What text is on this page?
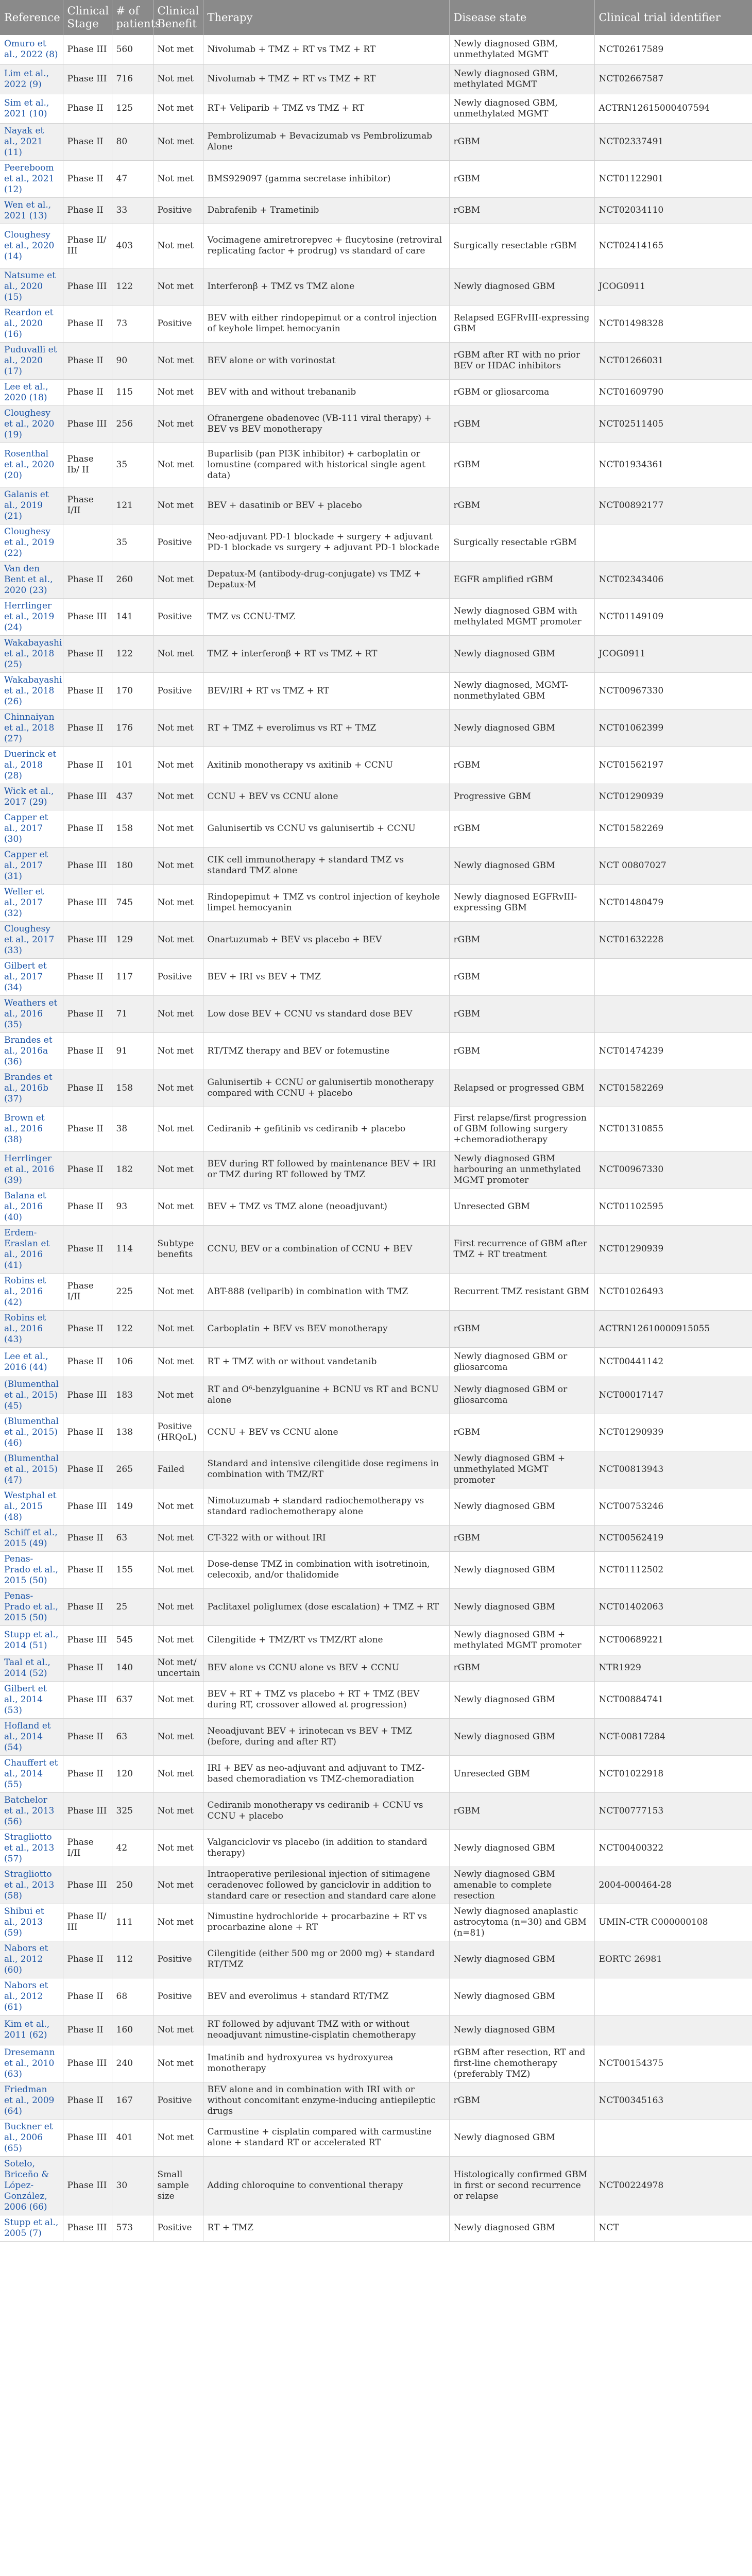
Reference	Clinical Stage	# of patients	Clinical Benefit	Therapy	Disease state	Clinical trial identifier
Omuro et al., 2022 (8)	Phase III	560	Not met	Nivolumab + TMZ + RT vs TMZ + RT	Newly diagnosed GBM, unmethylated MGMT	NCT02617589
Lim et al., 2022 (9)	Phase III	716	Not met	Nivolumab + TMZ + RT vs TMZ + RT	Newly diagnosed GBM, methylated MGMT	NCT02667587
Sim et al., 2021 (10)	Phase II	125	Not met	RT+ Veliparib + TMZ vs TMZ + RT	Newly diagnosed GBM, unmethylated MGMT	ACTRN12615000407594
Nayak et al., 2021 (11)	Phase II	80	Not met	Pembrolizumab + Bevacizumab vs Pembrolizumab Alone	rGBM	NCT02337491
Peereboom et al., 2021 (12)	Phase II	47	Not met	BMS929097 (gamma secretase inhibitor)	rGBM	NCT01122901
Wen et al., 2021 (13)	Phase II	33	Positive	Dabrafenib + Trametinib	rGBM	NCT02034110
Cloughesy et al., 2020 (14)	Phase II/ III	403	Not met	Vocimagene amiretrorepvec + flucytosine (retroviral replicating factor + prodrug) vs standard of care	Surgically resectable rGBM	NCT02414165
Natsume et al., 2020 (15)	Phase III	122	Not met	Interferonβ + TMZ vs TMZ alone	Newly diagnosed GBM	JCOG0911
Reardon et al., 2020 (16)	Phase II	73	Positive	BEV with either rindopepimut or a control injection of keyhole limpet hemocyanin	Relapsed EGFRvIII-expressing GBM	NCT01498328
Puduvalli et al., 2020 (17)	Phase II	90	Not met	BEV alone or with vorinostat	rGBM after RT with no prior BEV or HDAC inhibitors	NCT01266031
Lee et al., 2020 (18)	Phase II	115	Not met	BEV with and without trebananib	rGBM or gliosarcoma	NCT01609790
Cloughesy et al., 2020 (19)	Phase III	256	Not met	Ofranergene obadenovec (VB-111 viral therapy) + BEV vs BEV monotherapy	rGBM	NCT02511405
Rosenthal et al., 2020 (20)	Phase Ib/ II	35	Not met	Buparlisib (pan PI3K inhibitor) + carboplatin or lomustine (compared with historical single agent data)	rGBM	NCT01934361
Galanis et al., 2019 (21)	Phase I/II	121	Not met	BEV + dasatinib or BEV + placebo	rGBM	NCT00892177
Cloughesy et al., 2019 (22)		35	Positive	Neo-adjuvant PD-1 blockade + surgery + adjuvant PD-1 blockade vs surgery + adjuvant PD-1 blockade	Surgically resectable rGBM	
Van den Bent et al., 2020 (23)	Phase II	260	Not met	Depatux-M (antibody-drug-conjugate) vs TMZ + Depatux-M	EGFR amplified rGBM	NCT02343406
Herrlinger et al., 2019 (24)	Phase III	141	Positive	TMZ vs CCNU-TMZ	Newly diagnosed GBM with methylated MGMT promoter	NCT01149109
Wakabayashi et al., 2018 (25)	Phase II	122	Not met	TMZ + interferonβ + RT vs TMZ + RT	Newly diagnosed GBM	JCOG0911
Wakabayashi et al., 2018 (26)	Phase II	170	Positive	BEV/IRI + RT vs TMZ + RT	Newly diagnosed, MGMT-nonmethylated GBM	NCT00967330
Chinnaiyan et al., 2018 (27)	Phase II	176	Not met	RT + TMZ + everolimus vs RT + TMZ	Newly diagnosed GBM	NCT01062399
Duerinck et al., 2018 (28)	Phase II	101	Not met	Axitinib monotherapy vs axitinib + CCNU	rGBM	NCT01562197
Wick et al., 2017 (29)	Phase III	437	Not met	CCNU + BEV vs CCNU alone	Progressive GBM	NCT01290939
Capper et al., 2017 (30)	Phase II	158	Not met	Galunisertib vs CCNU vs galunisertib + CCNU	rGBM	NCT01582269
Capper et al., 2017 (31)	Phase III	180	Not met	CIK cell immunotherapy + standard TMZ vs standard TMZ alone	Newly diagnosed GBM	NCT 00807027
Weller et al., 2017 (32)	Phase III	745	Not met	Rindopepimut + TMZ vs control injection of keyhole limpet hemocyanin	Newly diagnosed EGFRvIII-expressing GBM	NCT01480479
Cloughesy et al., 2017 (33)	Phase III	129	Not met	Onartuzumab + BEV vs placebo + BEV	rGBM	NCT01632228
Gilbert et al., 2017 (34)	Phase II	117	Positive	BEV + IRI vs BEV + TMZ	rGBM	
Weathers et al., 2016 (35)	Phase II	71	Not met	Low dose BEV + CCNU vs standard dose BEV	rGBM	
Brandes et al., 2016a (36)	Phase II	91	Not met	RT/TMZ therapy and BEV or fotemustine	rGBM	NCT01474239
Brandes et al., 2016b (37)	Phase II	158	Not met	Galunisertib + CCNU or galunisertib monotherapy compared with CCNU + placebo	Relapsed or progressed GBM	NCT01582269
Brown et al., 2016 (38)	Phase II	38	Not met	Cediranib + gefitinib vs cediranib + placebo	First relapse/first progression of GBM following surgery +chemoradiotherapy	NCT01310855
Herrlinger et al., 2016 (39)	Phase II	182	Not met	BEV during RT followed by maintenance BEV + IRI or TMZ during RT followed by TMZ	Newly diagnosed GBM harbouring an unmethylated MGMT promoter	NCT00967330
Balana et al., 2016 (40)	Phase II	93	Not met	BEV + TMZ vs TMZ alone (neoadjuvant)	Unresected GBM	NCT01102595
Erdem-Eraslan et al., 2016 (41)	Phase II	114	Subtype benefits	CCNU, BEV or a combination of CCNU + BEV	First recurrence of GBM after TMZ + RT treatment	NCT01290939
Robins et al., 2016 (42)	Phase I/II	225	Not met	ABT-888 (veliparib) in combination with TMZ	Recurrent TMZ resistant GBM	NCT01026493
Robins et al., 2016 (43)	Phase II	122	Not met	Carboplatin + BEV vs BEV monotherapy	rGBM	ACTRN12610000915055
Lee et al., 2016 (44)	Phase II	106	Not met	RT + TMZ with or without vandetanib	Newly diagnosed GBM or gliosarcoma	NCT00441142
(Blumenthal et al., 2015) (45)	Phase III	183	Not met	RT and O⁶-benzylguanine + BCNU vs RT and BCNU alone	Newly diagnosed GBM or gliosarcoma	NCT00017147
(Blumenthal et al., 2015) (46)	Phase II	138	Positive (HRQoL)	CCNU + BEV vs CCNU alone	rGBM	NCT01290939
(Blumenthal et al., 2015) (47)	Phase II	265	Failed	Standard and intensive cilengitide dose regimens in combination with TMZ/RT	Newly diagnosed GBM + unmethylated MGMT promoter	NCT00813943
Westphal et al., 2015 (48)	Phase III	149	Not met	Nimotuzumab + standard radiochemotherapy vs standard radiochemotherapy alone	Newly diagnosed GBM	NCT00753246
Schiff et al., 2015 (49)	Phase II	63	Not met	CT-322 with or without IRI	rGBM	NCT00562419
Penas-Prado et al., 2015 (50)	Phase II	155	Not met	Dose-dense TMZ in combination with isotretinoin, celecoxib, and/or thalidomide	Newly diagnosed GBM	NCT01112502
Penas-Prado et al., 2015 (50)	Phase II	25	Not met	Paclitaxel poliglumex (dose escalation) + TMZ + RT	Newly diagnosed GBM	NCT01402063
Stupp et al., 2014 (51)	Phase III	545	Not met	Cilengitide + TMZ/RT vs TMZ/RT alone	Newly diagnosed GBM + methylated MGMT promoter	NCT00689221
Taal et al., 2014 (52)	Phase II	140	Not met/ uncertain	BEV alone vs CCNU alone vs BEV + CCNU	rGBM	NTR1929
Gilbert et al., 2014 (53)	Phase III	637	Not met	BEV + RT + TMZ vs placebo + RT + TMZ (BEV during RT, crossover allowed at progression)	Newly diagnosed GBM	NCT00884741
Hofland et al., 2014 (54)	Phase II	63	Not met	Neoadjuvant BEV + irinotecan vs BEV + TMZ (before, during and after RT)	Newly diagnosed GBM	NCT-00817284
Chauffert et al., 2014 (55)	Phase II	120	Not met	IRI + BEV as neo-adjuvant and adjuvant to TMZ-based chemoradiation vs TMZ-chemoradiation	Unresected GBM	NCT01022918
Batchelor et al., 2013 (56)	Phase III	325	Not met	Cediranib monotherapy vs cediranib + CCNU vs CCNU + placebo	rGBM	NCT00777153
Stragliotto et al., 2013 (57)	Phase I/II	42	Not met	Valganciclovir vs placebo (in addition to standard therapy)	Newly diagnosed GBM	NCT00400322
Stragliotto et al., 2013 (58)	Phase III	250	Not met	Intraoperative perilesional injection of sitimagene ceradenovec followed by ganciclovir in addition to standard care or resection and standard care alone	Newly diagnosed GBM amenable to complete resection	2004-000464-28
Shibui et al., 2013 (59)	Phase II/ III	111	Not met	Nimustine hydrochloride + procarbazine + RT vs procarbazine alone + RT	Newly diagnosed anaplastic astrocytoma (n=30) and GBM (n=81)	UMIN-CTR C000000108
Nabors et al., 2012 (60)	Phase II	112	Positive	Cilengitide (either 500 mg or 2000 mg) + standard RT/TMZ	Newly diagnosed GBM	EORTC 26981
Nabors et al., 2012 (61)	Phase II	68	Positive	BEV and everolimus + standard RT/TMZ	Newly diagnosed GBM	
Kim et al., 2011 (62)	Phase II	160	Not met	RT followed by adjuvant TMZ with or without neoadjuvant nimustine-cisplatin chemotherapy	Newly diagnosed GBM	
Dresemann et al., 2010 (63)	Phase III	240	Not met	Imatinib and hydroxyurea vs hydroxyurea monotherapy	rGBM after resection, RT and first-line chemotherapy (preferably TMZ)	NCT00154375
Friedman et al., 2009 (64)	Phase II	167	Positive	BEV alone and in combination with IRI with or without concomitant enzyme-inducing antiepileptic drugs	rGBM	NCT00345163
Buckner et al., 2006 (65)	Phase III	401	Not met	Carmustine + cisplatin compared with carmustine alone + standard RT or accelerated RT	Newly diagnosed GBM	
Sotelo, Briceño & López-González, 2006 (66)	Phase III	30	Small sample size	Adding chloroquine to conventional therapy	Histologically confirmed GBM in first or second recurrence or relapse	NCT00224978
Stupp et al., 2005 (7)	Phase III	573	Positive	RT + TMZ	Newly diagnosed GBM	NCT
